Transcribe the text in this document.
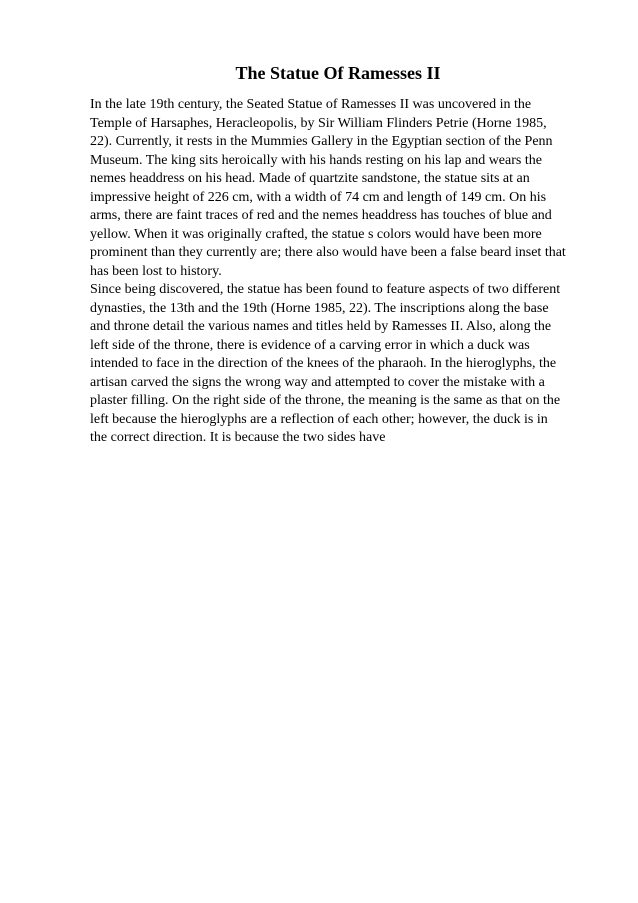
The Statue Of Ramesses II
In the late 19th century, the Seated Statue of Ramesses II was uncovered in the
Temple of Harsaphes, Heracleopolis, by Sir William Flinders Petrie (Horne 1985,
22). Currently, it rests in the Mummies Gallery in the Egyptian section of the Penn
Museum. The king sits heroically with his hands resting on his lap and wears the
nemes headdress on his head. Made of quartzite sandstone, the statue sits at an
impressive height of 226 cm, with a width of 74 cm and length of 149 cm. On his
arms, there are faint traces of red and the nemes headdress has touches of blue and
yellow. When it was originally crafted, the statue s colors would have been more
prominent than they currently are; there also would have been a false beard inset that
has been lost to history.
Since being discovered, the statue has been found to feature aspects of two different
dynasties, the 13th and the 19th (Horne 1985, 22). The inscriptions along the base
and throne detail the various names and titles held by Ramesses II. Also, along the
left side of the throne, there is evidence of a carving error in which a duck was
intended to face in the direction of the knees of the pharaoh. In the hieroglyphs, the
artisan carved the signs the wrong way and attempted to cover the mistake with a
plaster filling. On the right side of the throne, the meaning is the same as that on the
left because the hieroglyphs are a reflection of each other; however, the duck is in
the correct direction. It is because the two sides have
